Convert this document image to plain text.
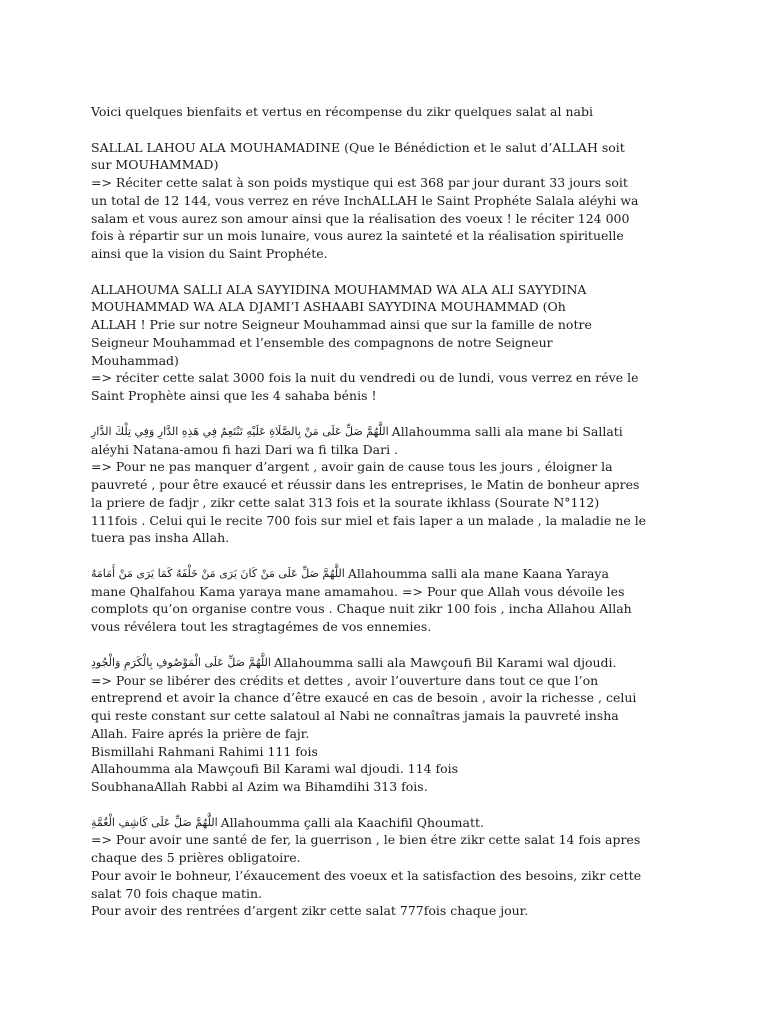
Voici quelques bienfaits et vertus en récompense du zikr quelques salat al nabi
SALLAL LAHOU ALA MOUHAMADINE (Que le Bénédiction et le salut d’ALLAH soit
sur MOUHAMMAD)
=> Réciter cette salat à son poids mystique qui est 368 par jour durant 33 jours soit
un total de 12 144, vous verrez en réve InchALLAH le Saint Prophéte Salala aléyhi wa
salam et vous aurez son amour ainsi que la réalisation des voeux ! le réciter 124 000
fois à répartir sur un mois lunaire, vous aurez la sainteté et la réalisation spirituelle
ainsi que la vision du Saint Prophéte.
ALLAHOUMA SALLI ALA SAYYIDINA MOUHAMMAD WA ALA ALI SAYYDINA
MOUHAMMAD WA ALA DJAMI’I ASHAABI SAYYDINA MOUHAMMAD (Oh
ALLAH ! Prie sur notre Seigneur Mouhammad ainsi que sur la famille de notre
Seigneur Mouhammad et l’ensemble des compagnons de notre Seigneur
Mouhammad)
=> réciter cette salat 3000 fois la nuit du vendredi ou de lundi, vous verrez en réve le
Saint Prophète ainsi que les 4 sahaba bénis !
اللَّهُمَّ صَلِّ عَلَى مَنْ بِالصَّلَاةِ عَلَيْهِ تَنْتَعِمُ فِي هَذِهِ الدَّارِ وَفِي تِلْكَ الدَّارِ Allahoumma salli ala mane bi Sallati
aléyhi Natana-amou fi hazi Dari wa fi tilka Dari .
=> Pour ne pas manquer d’argent , avoir gain de cause tous les jours , éloigner la
pauvreté , pour être exaucé et réussir dans les entreprises, le Matin de bonheur apres
la priere de fadjr , zikr cette salat 313 fois et la sourate ikhlass (Sourate N°112)
111fois . Celui qui le recite 700 fois sur miel et fais laper a un malade , la maladie ne le
tuera pas insha Allah.
اللَّهُمَّ صَلِّ عَلَى مَنْ كَانَ يَرَى مَنْ خَلْفَهُ كَمَا يَرَى مَنْ أَمَامَهُ Allahoumma salli ala mane Kaana Yaraya
mane Qhalfahou Kama yaraya mane amamahou. => Pour que Allah vous dévoile les
complots qu’on organise contre vous . Chaque nuit zikr 100 fois , incha Allahou Allah
vous révélera tout les stragtagémes de vos ennemies.
اللَّهُمَّ صَلِّ عَلَى الْمَوْصُوفِ بِالْكَرَمِ وَالْجُودِ Allahoumma salli ala Mawçoufi Bil Karami wal djoudi.
=> Pour se libérer des crédits et dettes , avoir l’ouverture dans tout ce que l’on
entreprend et avoir la chance d’être exaucé en cas de besoin , avoir la richesse , celui
qui reste constant sur cette salatoul al Nabi ne connaîtras jamais la pauvreté insha
Allah. Faire aprés la prière de fajr.
Bismillahi Rahmani Rahimi 111 fois
Allahoumma ala Mawçoufi Bil Karami wal djoudi. 114 fois
SoubhanaAllah Rabbi al Azim wa Bihamdihi 313 fois.
اللَّهُمَّ صَلِّ عَلَى كَاشِفِ الْغُمَّةِ Allahoumma çalli ala Kaachifil Qhoumatt.
=> Pour avoir une santé de fer, la guerrison , le bien étre zikr cette salat 14 fois apres
chaque des 5 prières obligatoire.
Pour avoir le bohneur, l’éxaucement des voeux et la satisfaction des besoins, zikr cette
salat 70 fois chaque matin.
Pour avoir des rentrées d’argent zikr cette salat 777fois chaque jour.
